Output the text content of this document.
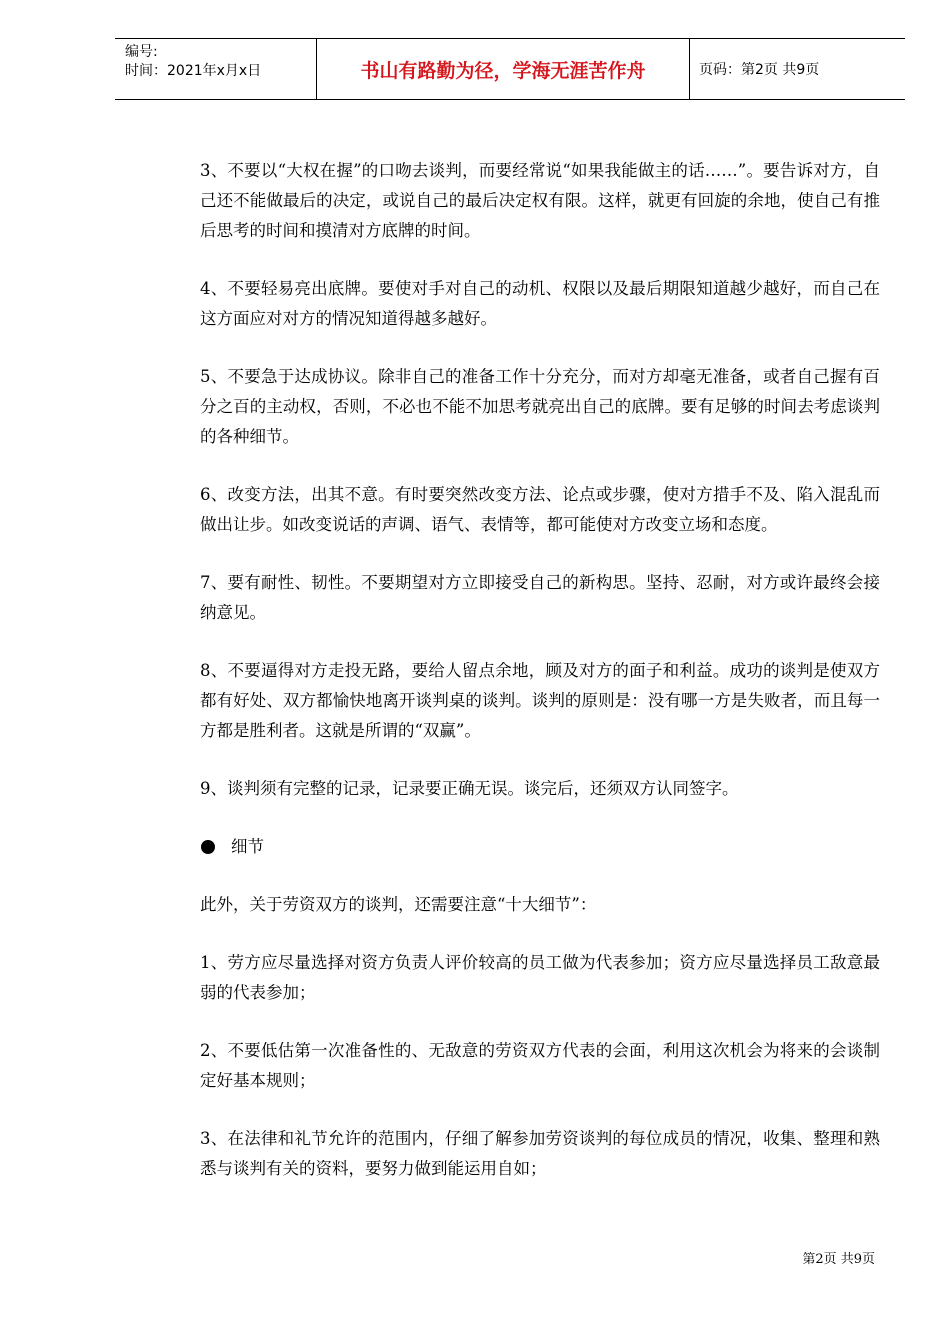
编号:
时间：2021年x月x日	书山有路勤为径，学海无涯苦作舟	页码：第2页 共9页

3、不要以“大权在握”的口吻去谈判，而要经常说“如果我能做主的话……”。要告诉对方，自己还不能做最后的决定，或说自己的最后决定权有限。这样，就更有回旋的余地，使自己有推后思考的时间和摸清对方底牌的时间。

4、不要轻易亮出底牌。要使对手对自己的动机、权限以及最后期限知道越少越好，而自己在这方面应对对方的情况知道得越多越好。

5、不要急于达成协议。除非自己的准备工作十分充分，而对方却毫无准备，或者自己握有百分之百的主动权，否则，不必也不能不加思考就亮出自己的底牌。要有足够的时间去考虑谈判的各种细节。

6、改变方法，出其不意。有时要突然改变方法、论点或步骤，使对方措手不及、陷入混乱而做出让步。如改变说话的声调、语气、表情等，都可能使对方改变立场和态度。

7、要有耐性、韧性。不要期望对方立即接受自己的新构思。坚持、忍耐，对方或许最终会接纳意见。

8、不要逼得对方走投无路，要给人留点余地，顾及对方的面子和利益。成功的谈判是使双方都有好处、双方都愉快地离开谈判桌的谈判。谈判的原则是：没有哪一方是失败者，而且每一方都是胜利者。这就是所谓的“双赢”。

9、谈判须有完整的记录，记录要正确无误。谈完后，还须双方认同签字。

细节

此外，关于劳资双方的谈判，还需要注意“十大细节”：

1、劳方应尽量选择对资方负责人评价较高的员工做为代表参加；资方应尽量选择员工敌意最弱的代表参加；

2、不要低估第一次准备性的、无敌意的劳资双方代表的会面，利用这次机会为将来的会谈制定好基本规则；

3、在法律和礼节允许的范围内，仔细了解参加劳资谈判的每位成员的情况，收集、整理和熟悉与谈判有关的资料，要努力做到能运用自如；

第2页 共9页
